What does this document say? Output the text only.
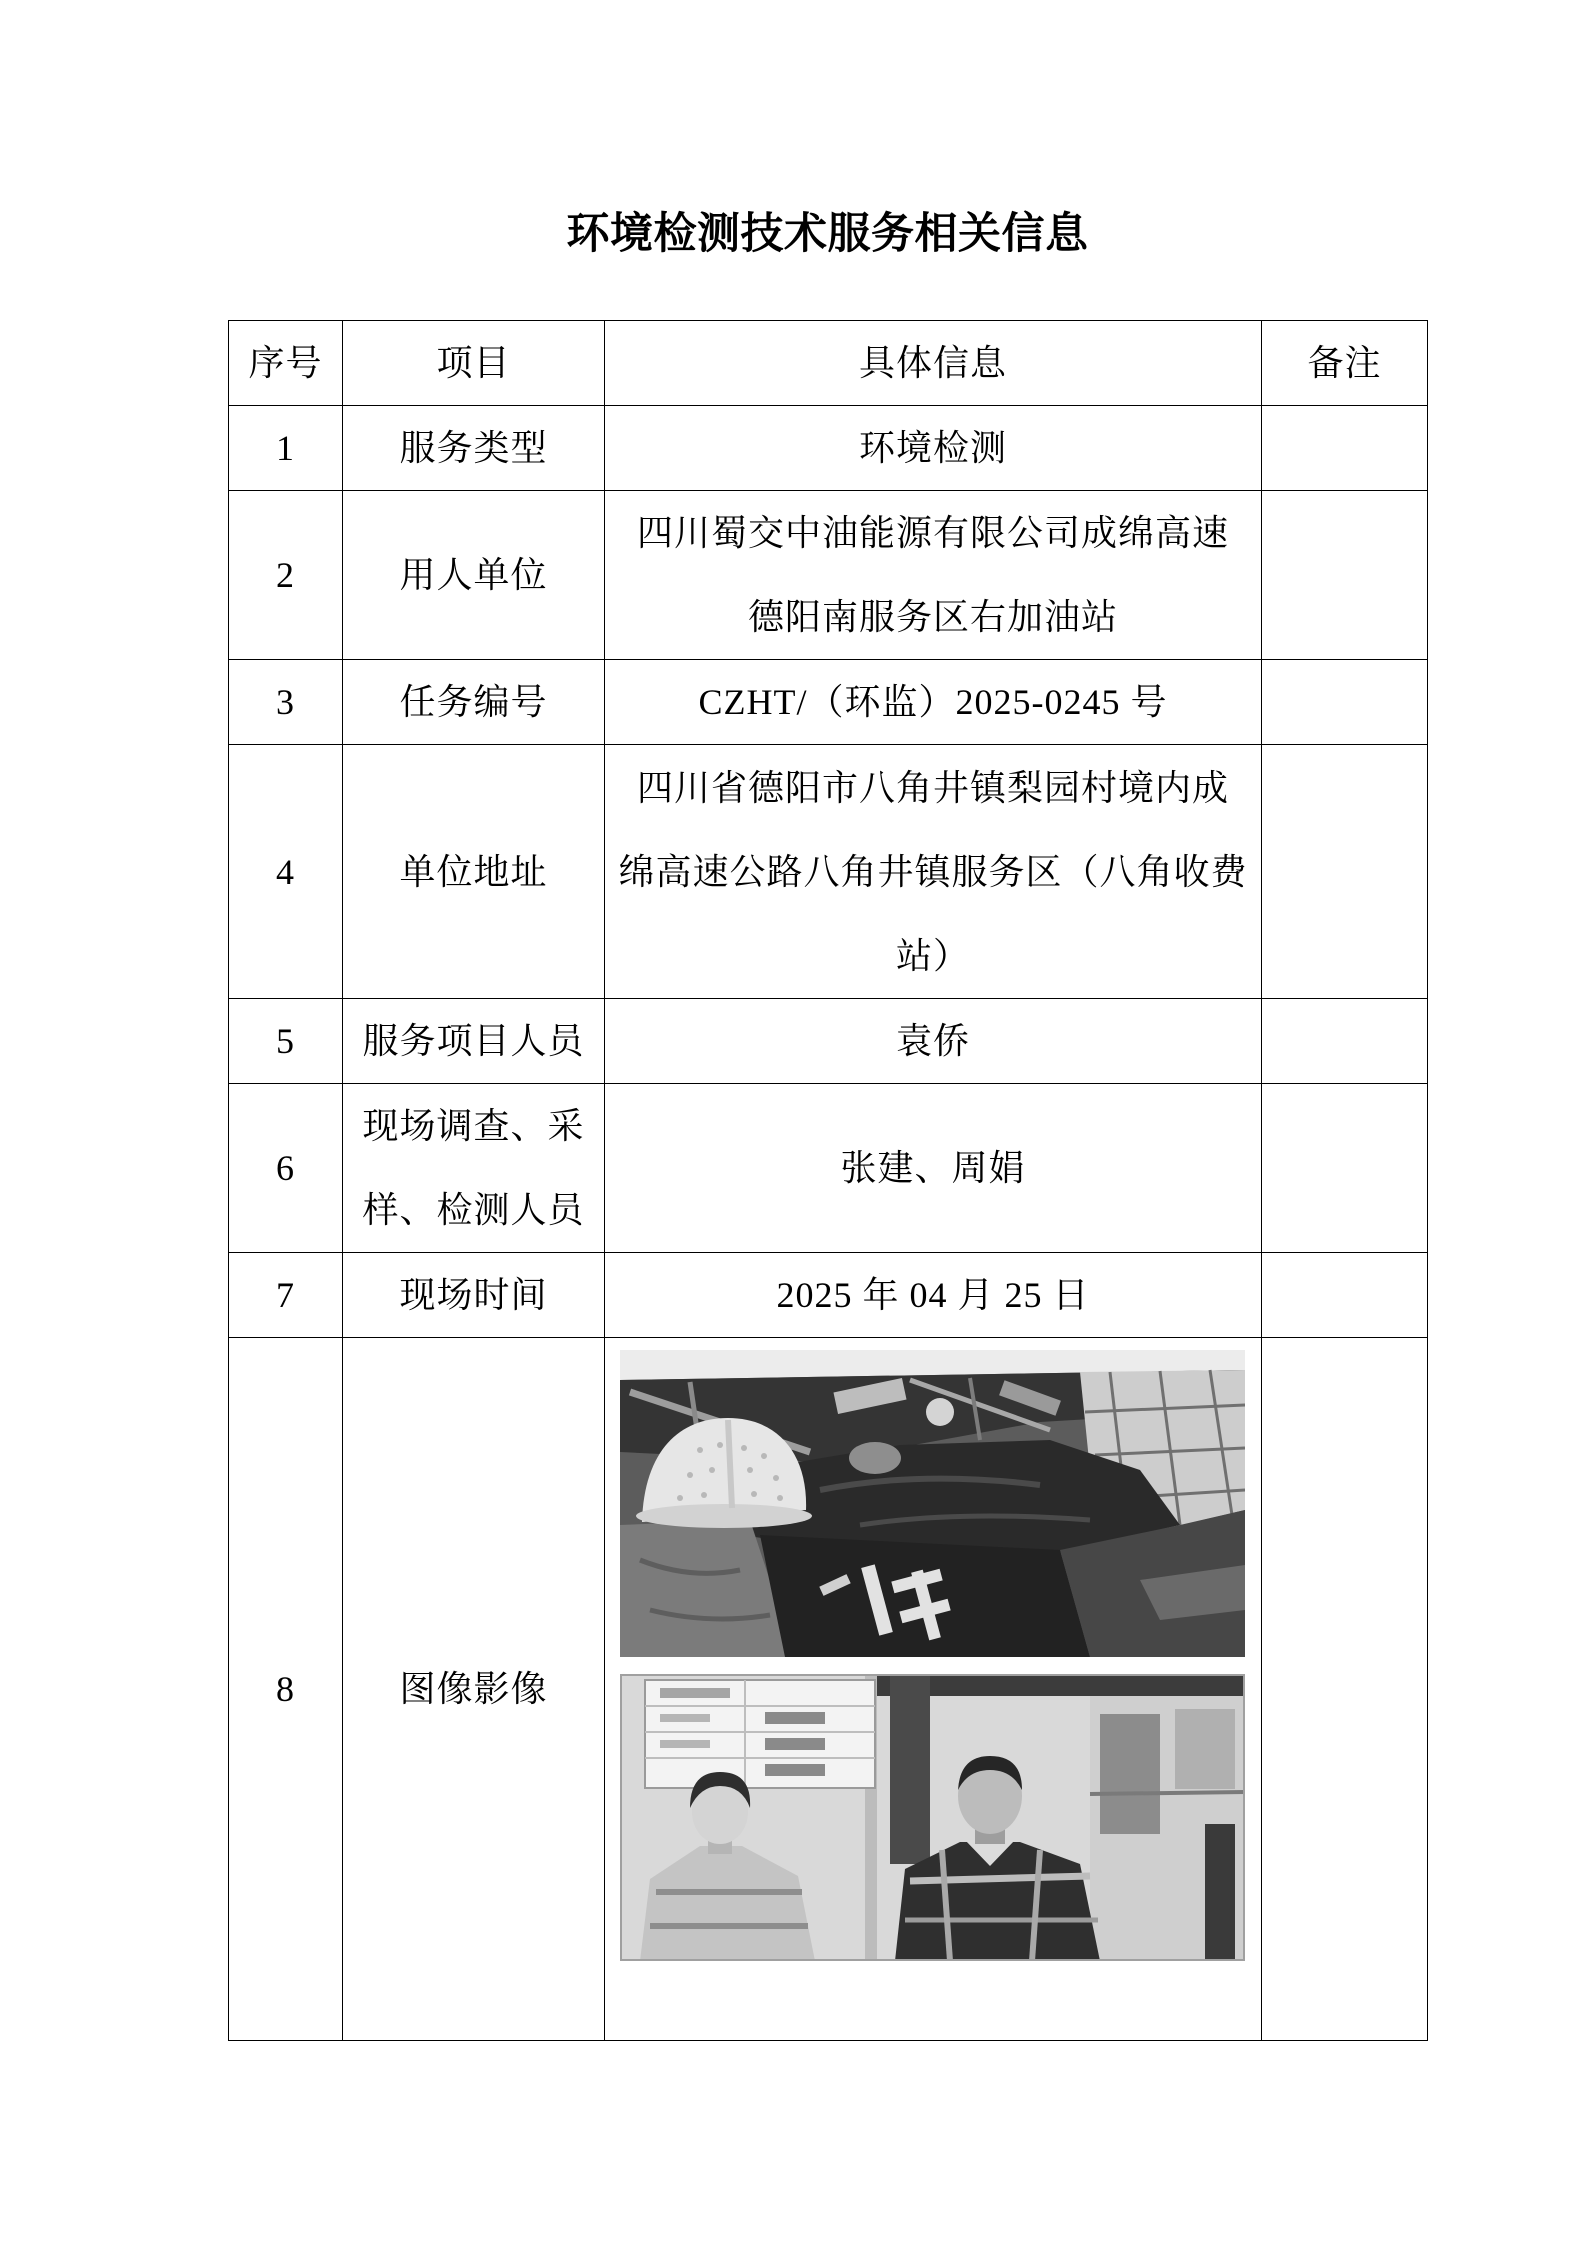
环境检测技术服务相关信息
序号	项目	具体信息	备注
1	服务类型	环境检测	

2	用人单位	四川蜀交中油能源有限公司成绵高速
德阳南服务区右加油站	

3	任务编号	CZHT/（环监）2025-0245 号	

4	单位地址	四川省德阳市八角井镇梨园村境内成
绵高速公路八角井镇服务区（八角收费
站）	

5	服务项目人员	袁侨	

6	现场调查、采
样、检测人员	张建、周娟	

7	现场时间	2025 年 04 月 25 日	

8	图像影像
